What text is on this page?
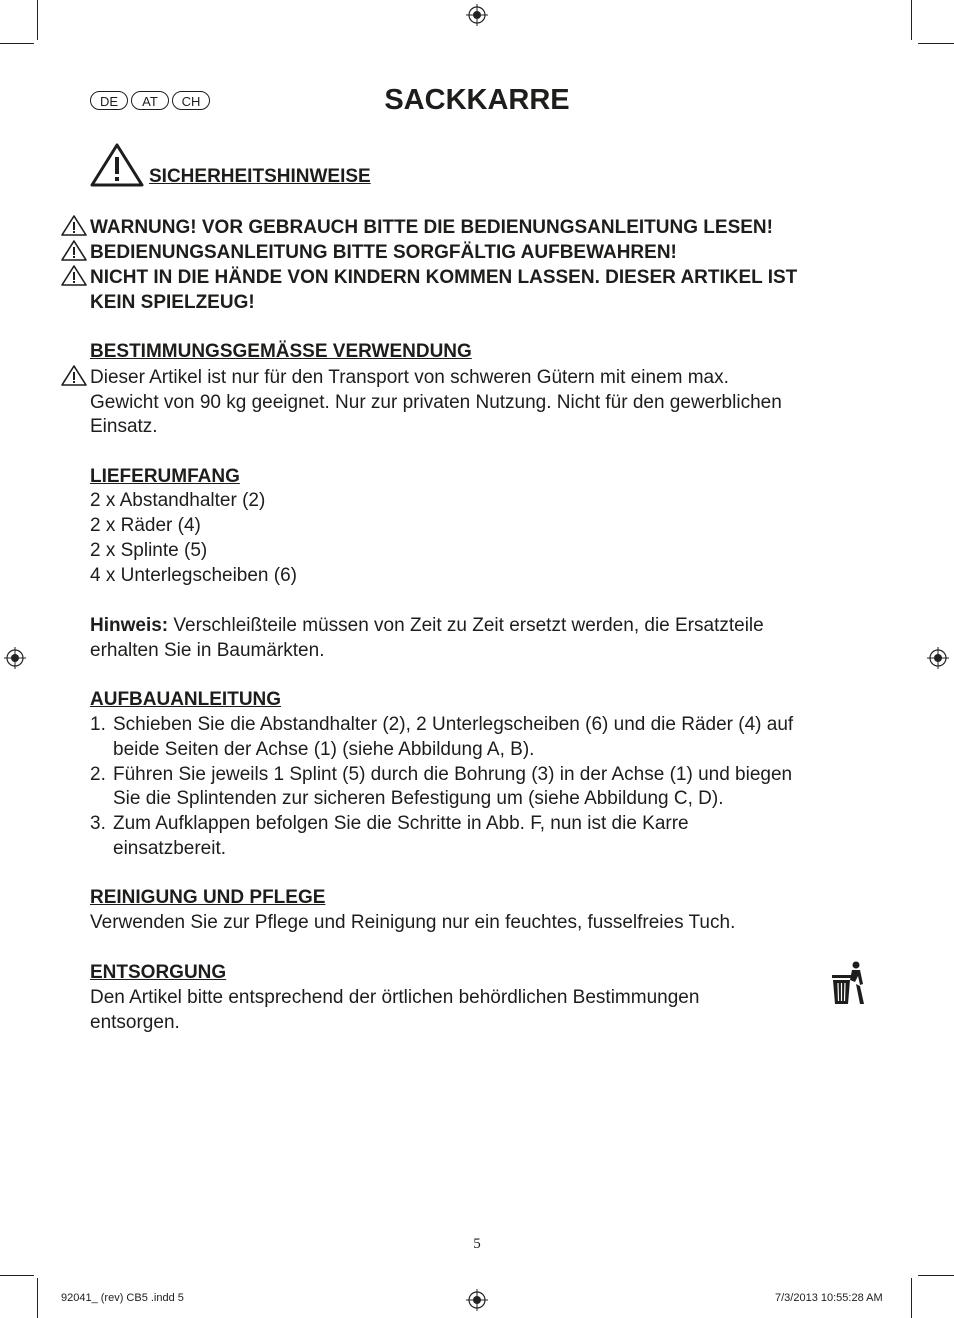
DE	AT	CH	SACKKARRE
SICHERHEITSHINWEISE
WARNUNG! VOR GEBRAUCH BITTE DIE BEDIENUNGSANLEITUNG LESEN!
BEDIENUNGSANLEITUNG BITTE SORGFÄLTIG AUFBEWAHREN!
NICHT IN DIE HÄNDE VON KINDERN KOMMEN LASSEN. DIESER ARTIKEL IST
KEIN SPIELZEUG!
BESTIMMUNGSGEMÄSSE VERWENDUNG
Dieser Artikel ist nur für den Transport von schweren Gütern mit einem max.
Gewicht von 90 kg geeignet. Nur zur privaten Nutzung. Nicht für den gewerblichen
Einsatz.
LIEFERUMFANG
2 x Abstandhalter (2)
2 x Räder (4)
2 x Splinte (5)
4 x Unterlegscheiben (6)
Hinweis: Verschleißteile müssen von Zeit zu Zeit ersetzt werden, die Ersatzteile
erhalten Sie in Baumärkten.
AUFBAUANLEITUNG
1. Schieben Sie die Abstandhalter (2), 2 Unterlegscheiben (6) und die Räder (4) auf
beide Seiten der Achse (1) (siehe Abbildung A, B).
2. Führen Sie jeweils 1 Splint (5) durch die Bohrung (3) in der Achse (1) und biegen
Sie die Splintenden zur sicheren Befestigung um (siehe Abbildung C, D).
3. Zum Aufklappen befolgen Sie die Schritte in Abb. F, nun ist die Karre
einsatzbereit.
REINIGUNG UND PFLEGE
Verwenden Sie zur Pflege und Reinigung nur ein feuchtes, fusselfreies Tuch.
ENTSORGUNG
Den Artikel bitte entsprechend der örtlichen behördlichen Bestimmungen
entsorgen.
5
92041_ (rev) CB5 .indd 5	7/3/2013 10:55:28 AM
